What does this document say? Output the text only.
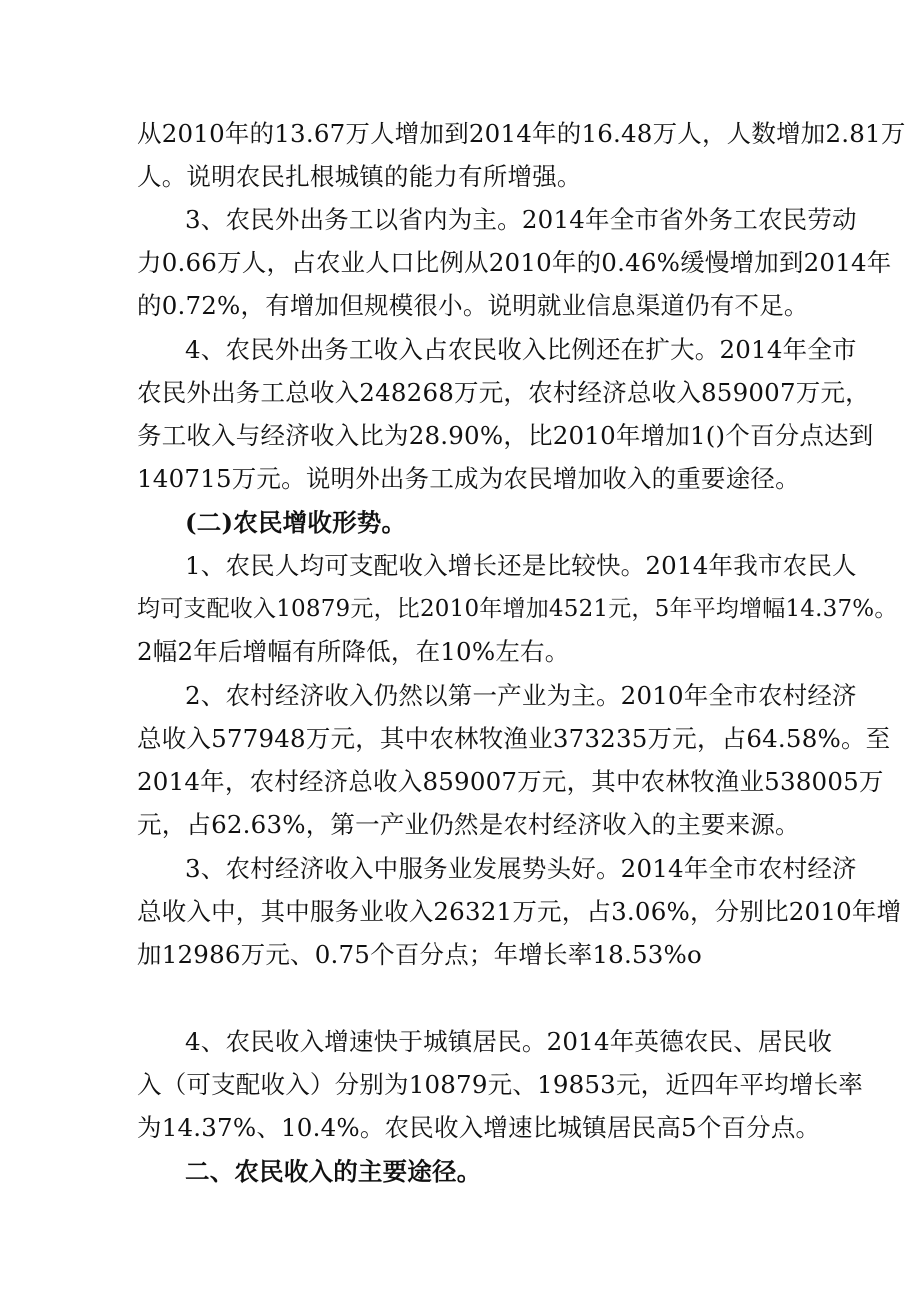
从2010年的13.67万人增加到2014年的16.48万人，人数增加2.81万
人。说明农民扎根城镇的能力有所增强。
3、农民外出务工以省内为主。2014年全市省外务工农民劳动
力0.66万人，占农业人口比例从2010年的0.46%缓慢增加到2014年
的0.72%，有增加但规模很小。说明就业信息渠道仍有不足。
4、农民外出务工收入占农民收入比例还在扩大。2014年全市
农民外出务工总收入248268万元，农村经济总收入859007万元，
务工收入与经济收入比为28.90%，比2010年增加1()个百分点达到
140715万元。说明外出务工成为农民增加收入的重要途径。
(二)农民增收形势。
1、农民人均可支配收入增长还是比较快。2014年我市农民人
均可支配收入10879元，比2010年增加4521元，5年平均增幅14.37%。
2幅2年后增幅有所降低，在10%左右。
2、农村经济收入仍然以第一产业为主。2010年全市农村经济
总收入577948万元，其中农林牧渔业373235万元，占64.58%。至
2014年，农村经济总收入859007万元，其中农林牧渔业538005万
元，占62.63%，第一产业仍然是农村经济收入的主要来源。
3、农村经济收入中服务业发展势头好。2014年全市农村经济
总收入中，其中服务业收入26321万元，占3.06%，分别比2010年增
加12986万元、0.75个百分点；年增长率18.53%o
4、农民收入增速快于城镇居民。2014年英德农民、居民收
入（可支配收入）分别为10879元、19853元，近四年平均增长率
为14.37%、10.4%。农民收入增速比城镇居民高5个百分点。
二、农民收入的主要途径。
